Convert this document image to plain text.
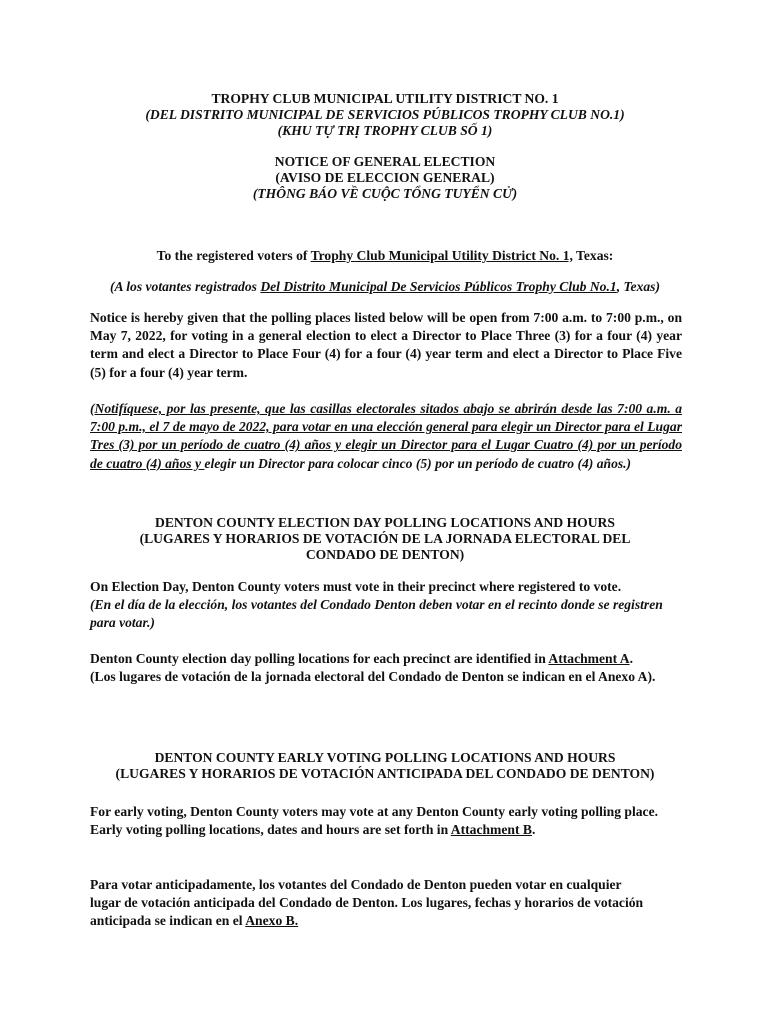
TROPHY CLUB MUNICIPAL UTILITY DISTRICT NO. 1

(DEL DISTRITO MUNICIPAL DE SERVICIOS PÚBLICOS TROPHY CLUB NO.1)

(KHU TỰ TRỊ TROPHY CLUB SỐ 1)

NOTICE OF GENERAL ELECTION

(AVISO DE ELECCION GENERAL)

(THÔNG BÁO VỀ CUỘC TỔNG TUYỂN CỬ)

To the registered voters of Trophy Club Municipal Utility District No. 1, Texas:

(A los votantes registrados Del Distrito Municipal De Servicios Públicos Trophy Club No.1, Texas)

Notice is hereby given that the polling places listed below will be open from 7:00 a.m. to 7:00 p.m., on May 7, 2022, for voting in a general election to elect a Director to Place Three (3) for a four (4) year term and elect a Director to Place Four (4) for a four (4) year term and elect a Director to Place Five (5) for a four (4) year term.

(Notifíquese, por las presente, que las casillas electorales sitados abajo se abrirán desde las 7:00 a.m. a 7:00 p.m., el 7 de mayo de 2022, para votar en una elección general para elegir un Director para el Lugar Tres (3) por un período de cuatro (4) años y elegir un Director para el Lugar Cuatro (4) por un período de cuatro (4) años y elegir un Director para colocar cinco (5) por un período de cuatro (4) años.)

DENTON COUNTY ELECTION DAY POLLING LOCATIONS AND HOURS

(LUGARES Y HORARIOS DE VOTACIÓN DE LA JORNADA ELECTORAL DEL

CONDADO DE DENTON)

On Election Day, Denton County voters must vote in their precinct where registered to vote.
(En el día de la elección, los votantes del Condado Denton deben votar en el recinto donde se registren para votar.)
Denton County election day polling locations for each precinct are identified in Attachment A.
(Los lugares de votación de la jornada electoral del Condado de Denton se indican en el Anexo A).

DENTON COUNTY EARLY VOTING POLLING LOCATIONS AND HOURS

(LUGARES Y HORARIOS DE VOTACIÓN ANTICIPADA DEL CONDADO DE DENTON)

For early voting, Denton County voters may vote at any Denton County early voting polling place. Early voting polling locations, dates and hours are set forth in Attachment B.

Para votar anticipadamente, los votantes del Condado de Denton pueden votar en cualquier lugar de votación anticipada del Condado de Denton. Los lugares, fechas y horarios de votación anticipada se indican en el Anexo B.
